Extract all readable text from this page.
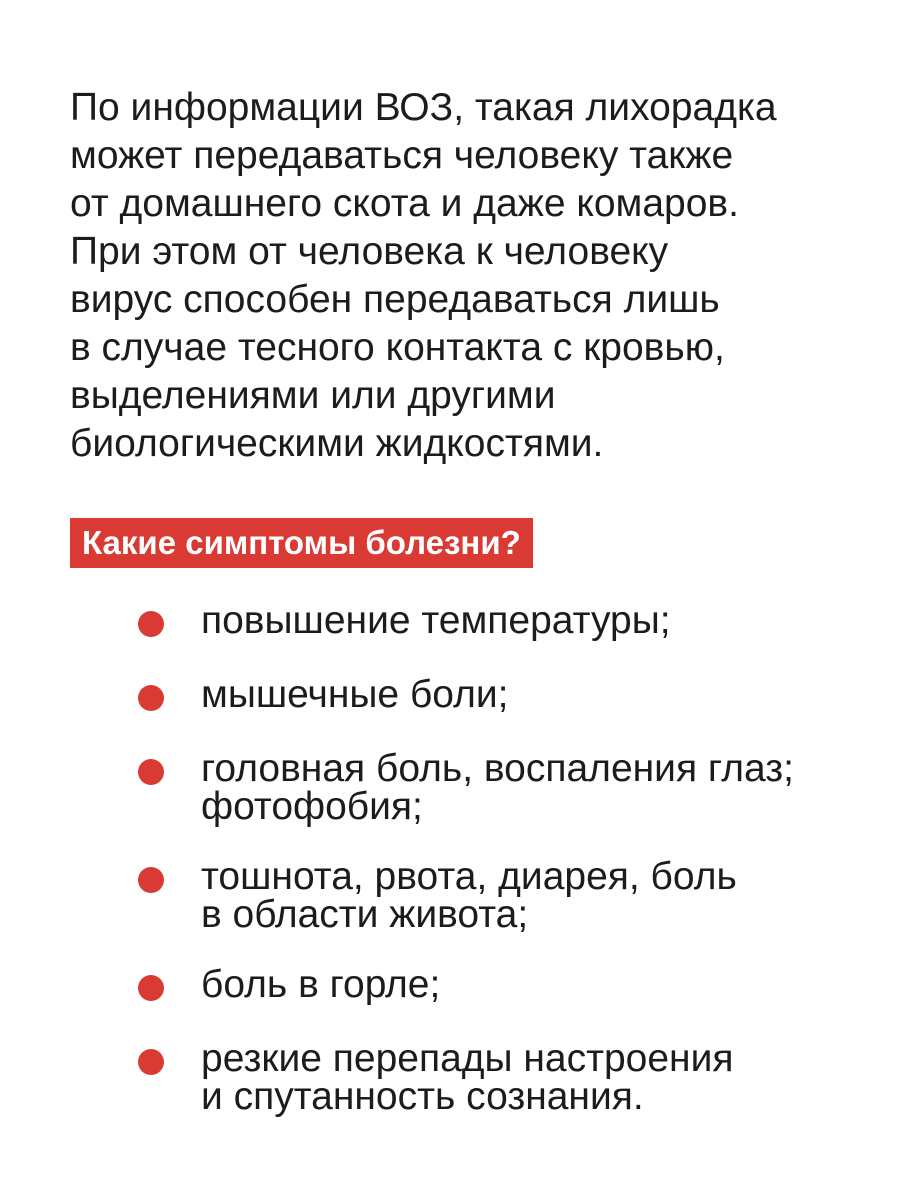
По информации ВОЗ, такая лихорадка
может передаваться человеку также
от домашнего скота и даже комаров.
При этом от человека к человеку
вирус способен передаваться лишь
в случае тесного контакта с кровью,
выделениями или другими
биологическими жидкостями.

Какие симптомы болезни?
повышение температуры;
мышечные боли;
головная боль, воспаления глаз;
фотофобия;
тошнота, рвота, диарея, боль
в области живота;
боль в горле;
резкие перепады настроения
и спутанность сознания.
